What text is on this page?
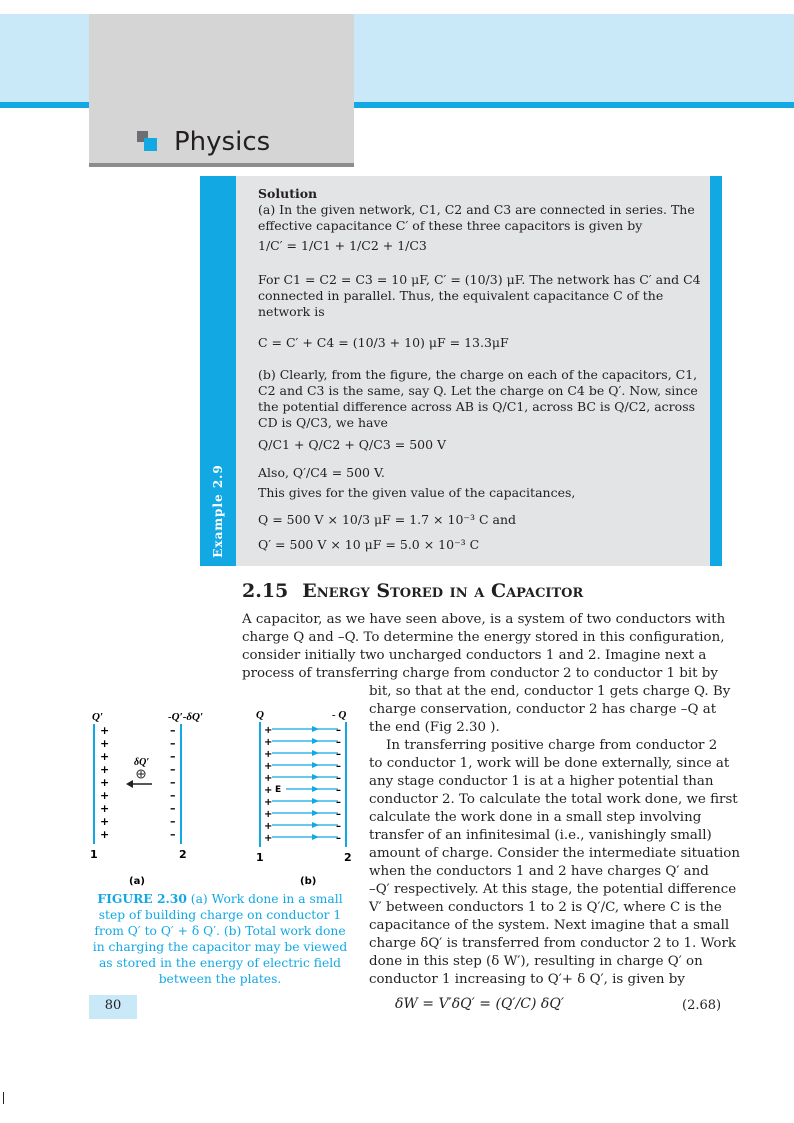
Physics
Example 2.9
Solution
(a) In the given network, C1, C2 and C3 are connected in series. The
effective capacitance C′ of these three capacitors is given by
1/C′ = 1/C1 + 1/C2 + 1/C3
For C1 = C2 = C3 = 10 μF, C′ = (10/3) μF. The network has C′ and C4
connected in parallel. Thus, the equivalent capacitance C of the
network is
C = C′ + C4 = (10/3 + 10) μF = 13.3μF
(b) Clearly, from the figure, the charge on each of the capacitors, C1,
C2 and C3 is the same, say Q. Let the charge on C4 be Q′. Now, since
the potential difference across AB is Q/C1, across BC is Q/C2, across
CD is Q/C3, we have
Q/C1 + Q/C2 + Q/C3 = 500 V
Also, Q′/C4 = 500 V.
This gives for the given value of the capacitances,
Q = 500 V × 10/3 μF = 1.7 × 10⁻³ C and
Q′ = 500 V × 10 μF = 5.0 × 10⁻³ C
2.15 Energy Stored in a Capacitor
A capacitor, as we have seen above, is a system of two conductors with
charge Q and –Q. To determine the energy stored in this configuration,
consider initially two uncharged conductors 1 and 2. Imagine next a
process of transferring charge from conductor 2 to conductor 1 bit by
bit, so that at the end, conductor 1 gets charge Q. By
charge conservation, conductor 2 has charge –Q at
the end (Fig 2.30 ).
In transferring positive charge from conductor 2
to conductor 1, work will be done externally, since at
any stage conductor 1 is at a higher potential than
conductor 2. To calculate the total work done, we first
calculate the work done in a small step involving
transfer of an infinitesimal (i.e., vanishingly small)
amount of charge. Consider the intermediate situation
when the conductors 1 and 2 have charges Q′ and
–Q′ respectively. At this stage, the potential difference
V′ between conductors 1 to 2 is Q′/C, where C is the
capacitance of the system. Next imagine that a small
charge δQ′ is transferred from conductor 2 to 1. Work
done in this step (δ W′), resulting in charge Q′ on
conductor 1 increasing to Q′+ δ Q′, is given by
Q′	-Q′-δQ′
+
+
+
+
+
+
+
+
+
–
–
–
–
–
–
–
–
–
δQ′
1	2
(a)
Q	- Q
+
+
+
+
+
+
+
+
+
+
–
–
–
–
–
–
–
–
–
–
E
1	2
(b)
FIGURE 2.30 (a) Work done in a small step of building charge on conductor 1 from Q′ to Q′ + δ Q′. (b) Total work done in charging the capacitor may be viewed as stored in the energy of electric field between the plates.
δW = V′δQ′ = (Q′/C) δQ′	(2.68)
80
